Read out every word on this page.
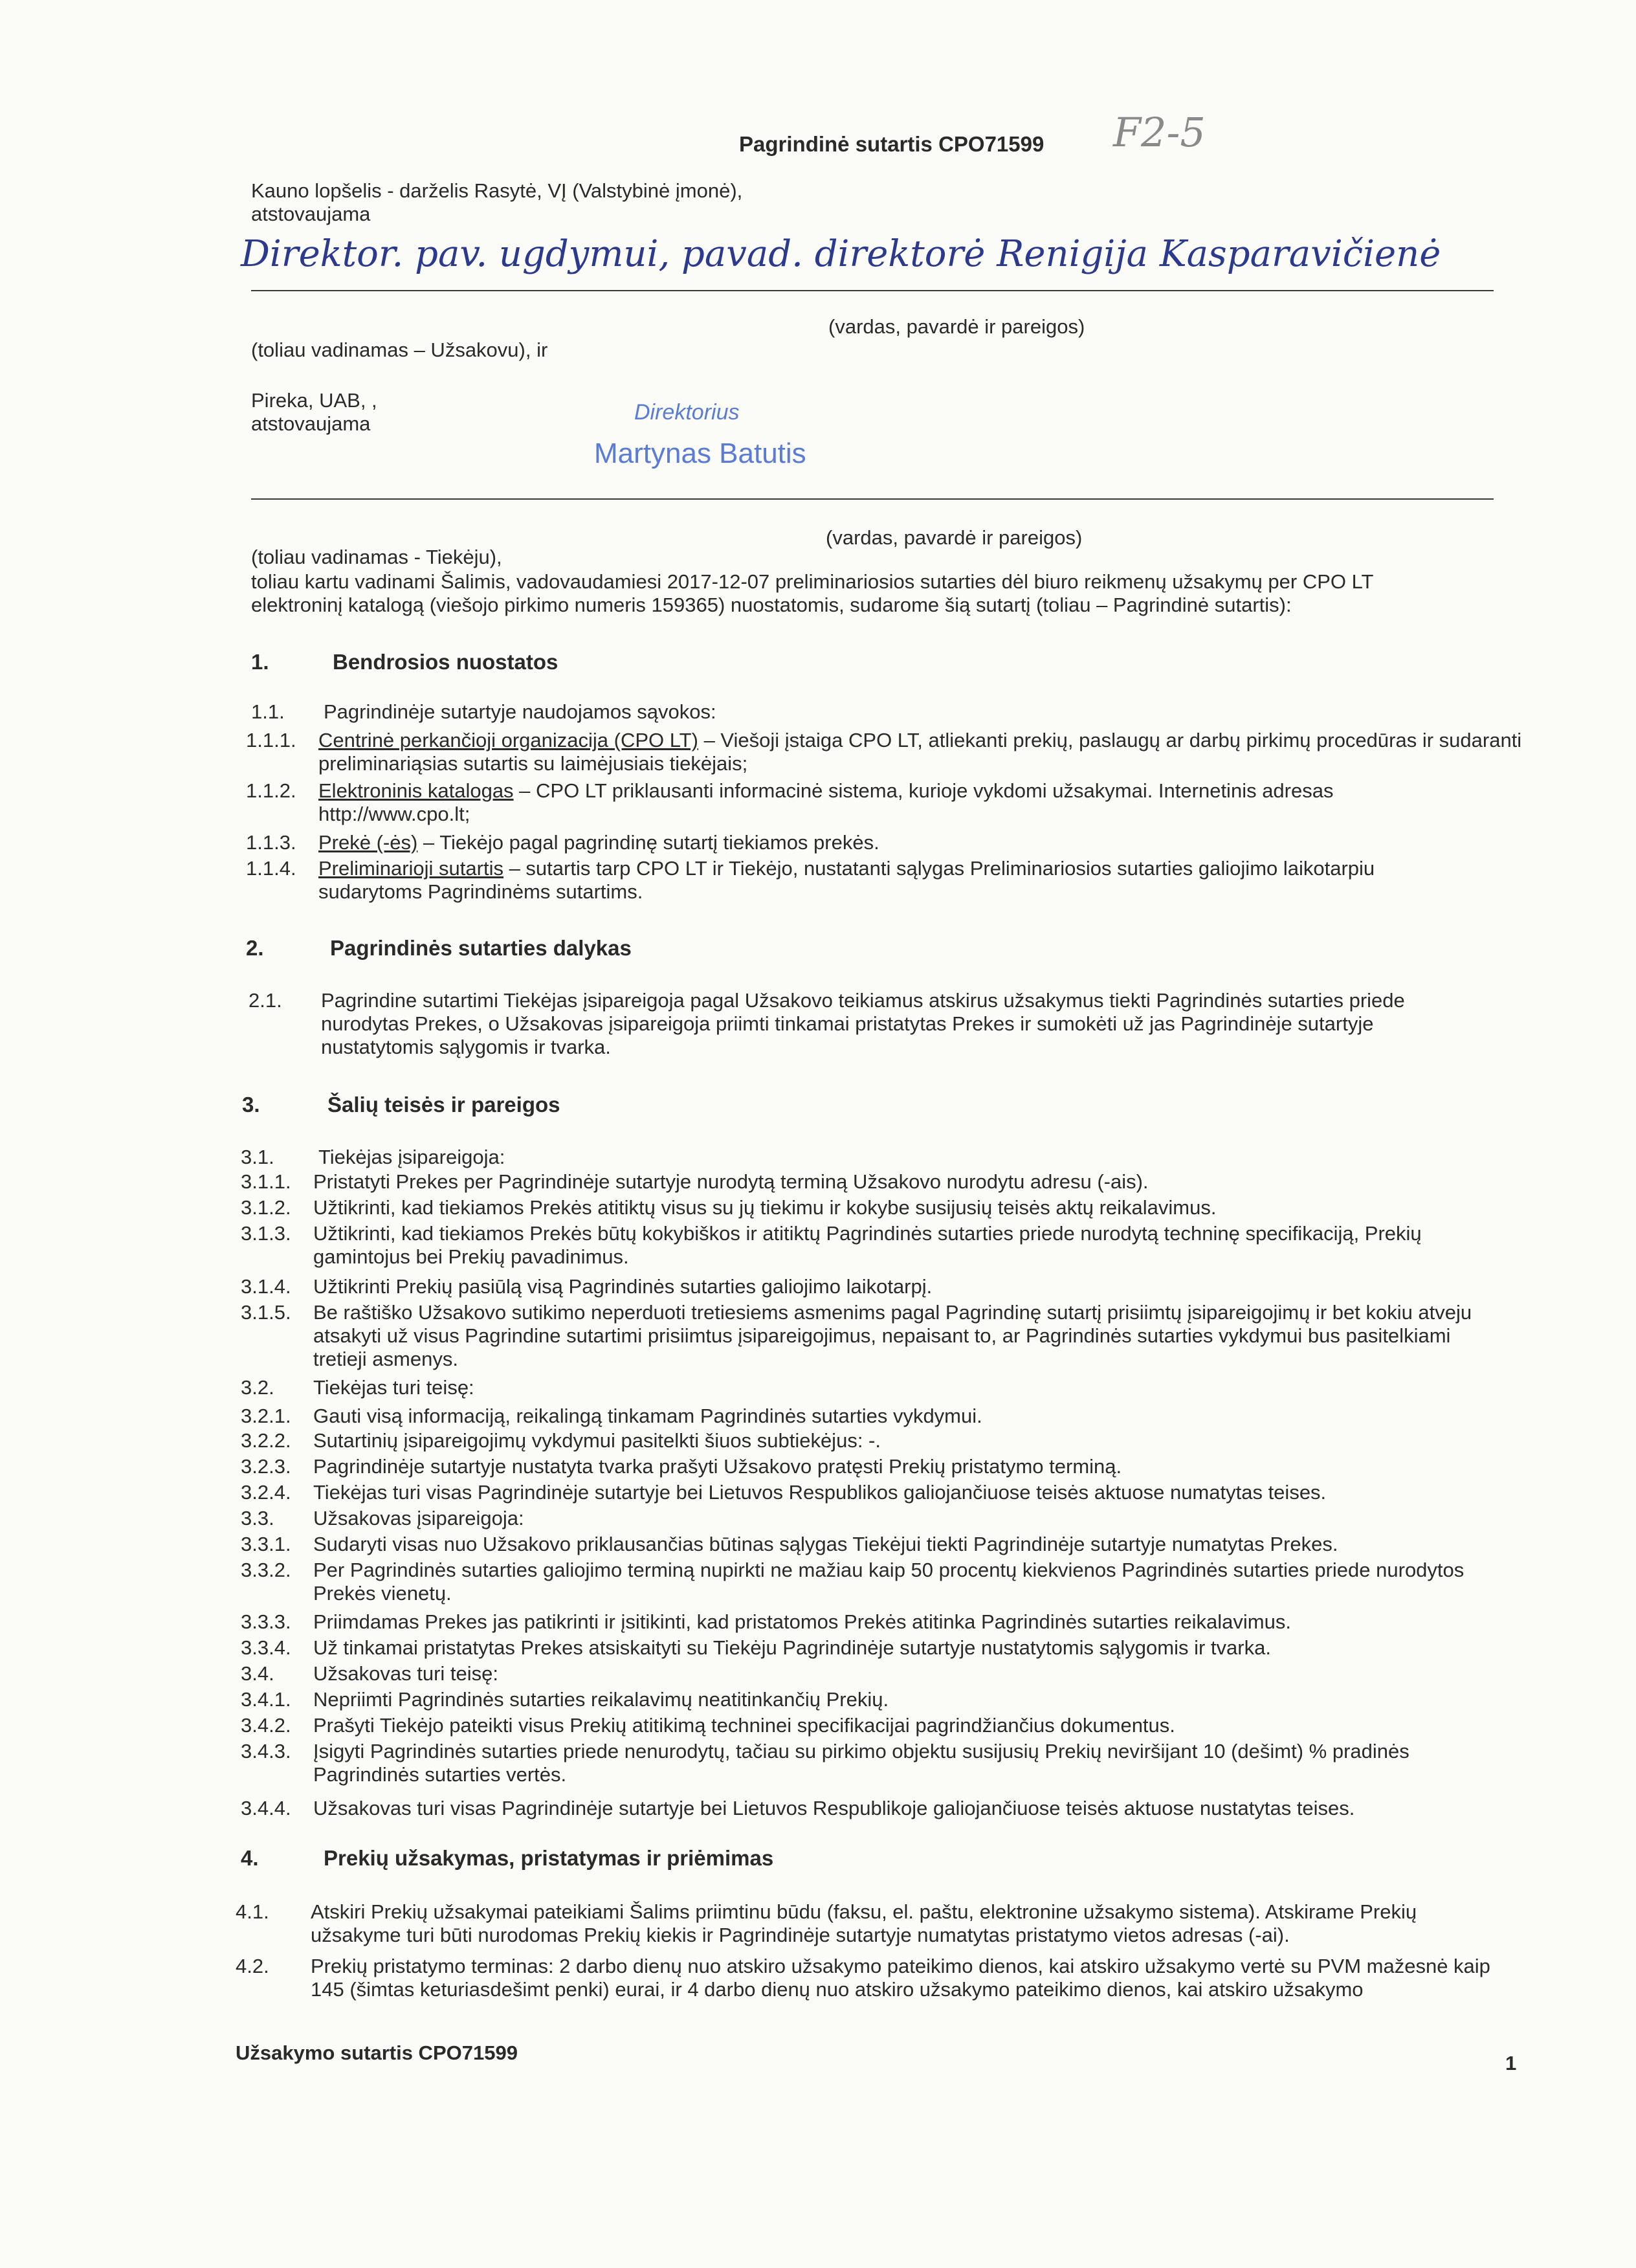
Pagrindinė sutartis CPO71599 F2-5
Kauno lopšelis - darželis Rasytė, VĮ (Valstybinė įmonė),
atstovaujama
Direktor. pav. ugdymui, pavad. direktorė Renigija Kasparavičienė
(vardas, pavardė ir pareigos)
(toliau vadinamas – Užsakovu), ir
Pireka, UAB, ,
atstovaujama	Direktorius
Martynas Batutis
(vardas, pavardė ir pareigos)
(toliau vadinamas - Tiekėju),
toliau kartu vadinami Šalimis, vadovaudamiesi 2017-12-07 preliminariosios sutarties dėl biuro reikmenų užsakymų per CPO LT
elektroninį katalogą (viešojo pirkimo numeris 159365) nuostatomis, sudarome šią sutartį (toliau – Pagrindinė sutartis):
1.	Bendrosios nuostatos
1.1. Pagrindinėje sutartyje naudojamos sąvokos:
1.1.1. Centrinė perkančioji organizacija (CPO LT) – Viešoji įstaiga CPO LT, atliekanti prekių, paslaugų ar darbų pirkimų procedūras ir sudaranti preliminariąsias sutartis su laimėjusiais tiekėjais;
1.1.2. Elektroninis katalogas – CPO LT priklausanti informacinė sistema, kurioje vykdomi užsakymai. Internetinis adresas http://www.cpo.lt;
1.1.3. Prekė (-ės) – Tiekėjo pagal pagrindinę sutartį tiekiamos prekės.
1.1.4. Preliminarioji sutartis – sutartis tarp CPO LT ir Tiekėjo, nustatanti sąlygas Preliminariosios sutarties galiojimo laikotarpiu sudarytoms Pagrindinėms sutartims.
2.	Pagrindinės sutarties dalykas
2.1. Pagrindine sutartimi Tiekėjas įsipareigoja pagal Užsakovo teikiamus atskirus užsakymus tiekti Pagrindinės sutarties priede nurodytas Prekes, o Užsakovas įsipareigoja priimti tinkamai pristatytas Prekes ir sumokėti už jas Pagrindinėje sutartyje nustatytomis sąlygomis ir tvarka.
3.	Šalių teisės ir pareigos
3.1. Tiekėjas įsipareigoja:
3.1.1. Pristatyti Prekes per Pagrindinėje sutartyje nurodytą terminą Užsakovo nurodytu adresu (-ais).
3.1.2. Užtikrinti, kad tiekiamos Prekės atitiktų visus su jų tiekimu ir kokybe susijusių teisės aktų reikalavimus.
3.1.3. Užtikrinti, kad tiekiamos Prekės būtų kokybiškos ir atitiktų Pagrindinės sutarties priede nurodytą techninę specifikaciją, Prekių gamintojus bei Prekių pavadinimus.
3.1.4. Užtikrinti Prekių pasiūlą visą Pagrindinės sutarties galiojimo laikotarpį.
3.1.5. Be raštiško Užsakovo sutikimo neperduoti tretiesiems asmenims pagal Pagrindinę sutartį prisiimtų įsipareigojimų ir bet kokiu atveju atsakyti už visus Pagrindine sutartimi prisiimtus įsipareigojimus, nepaisant to, ar Pagrindinės sutarties vykdymui bus pasitelkiami tretieji asmenys.
3.2. Tiekėjas turi teisę:
3.2.1. Gauti visą informaciją, reikalingą tinkamam Pagrindinės sutarties vykdymui.
3.2.2. Sutartinių įsipareigojimų vykdymui pasitelkti šiuos subtiekėjus: -.
3.2.3. Pagrindinėje sutartyje nustatyta tvarka prašyti Užsakovo pratęsti Prekių pristatymo terminą.
3.2.4. Tiekėjas turi visas Pagrindinėje sutartyje bei Lietuvos Respublikos galiojančiuose teisės aktuose numatytas teises.
3.3. Užsakovas įsipareigoja:
3.3.1. Sudaryti visas nuo Užsakovo priklausančias būtinas sąlygas Tiekėjui tiekti Pagrindinėje sutartyje numatytas Prekes.
3.3.2. Per Pagrindinės sutarties galiojimo terminą nupirkti ne mažiau kaip 50 procentų kiekvienos Pagrindinės sutarties priede nurodytos Prekės vienetų.
3.3.3. Priimdamas Prekes jas patikrinti ir įsitikinti, kad pristatomos Prekės atitinka Pagrindinės sutarties reikalavimus.
3.3.4. Už tinkamai pristatytas Prekes atsiskaityti su Tiekėju Pagrindinėje sutartyje nustatytomis sąlygomis ir tvarka.
3.4. Užsakovas turi teisę:
3.4.1. Nepriimti Pagrindinės sutarties reikalavimų neatitinkančių Prekių.
3.4.2. Prašyti Tiekėjo pateikti visus Prekių atitikimą techninei specifikacijai pagrindžiančius dokumentus.
3.4.3. Įsigyti Pagrindinės sutarties priede nenurodytų, tačiau su pirkimo objektu susijusių Prekių neviršijant 10 (dešimt) % pradinės Pagrindinės sutarties vertės.
3.4.4. Užsakovas turi visas Pagrindinėje sutartyje bei Lietuvos Respublikoje galiojančiuose teisės aktuose nustatytas teises.
4.	Prekių užsakymas, pristatymas ir priėmimas
4.1. Atskiri Prekių užsakymai pateikiami Šalims priimtinu būdu (faksu, el. paštu, elektronine užsakymo sistema). Atskirame Prekių užsakyme turi būti nurodomas Prekių kiekis ir Pagrindinėje sutartyje numatytas pristatymo vietos adresas (-ai).
4.2. Prekių pristatymo terminas: 2 darbo dienų nuo atskiro užsakymo pateikimo dienos, kai atskiro užsakymo vertė su PVM mažesnė kaip 145 (šimtas keturiasdešimt penki) eurai, ir 4 darbo dienų nuo atskiro užsakymo pateikimo dienos, kai atskiro užsakymo
Užsakymo sutartis CPO71599	1
